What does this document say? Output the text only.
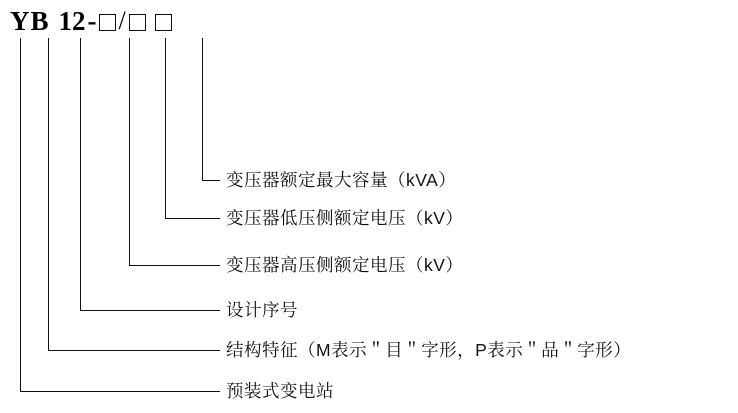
YB 12 - /
变压器额定最大容量（kVA）
变压器低压侧额定电压（kV）
变压器高压侧额定电压（kV）
设计序号
结构特征（M表示＂目＂字形，P表示＂品＂字形）
预装式变电站
